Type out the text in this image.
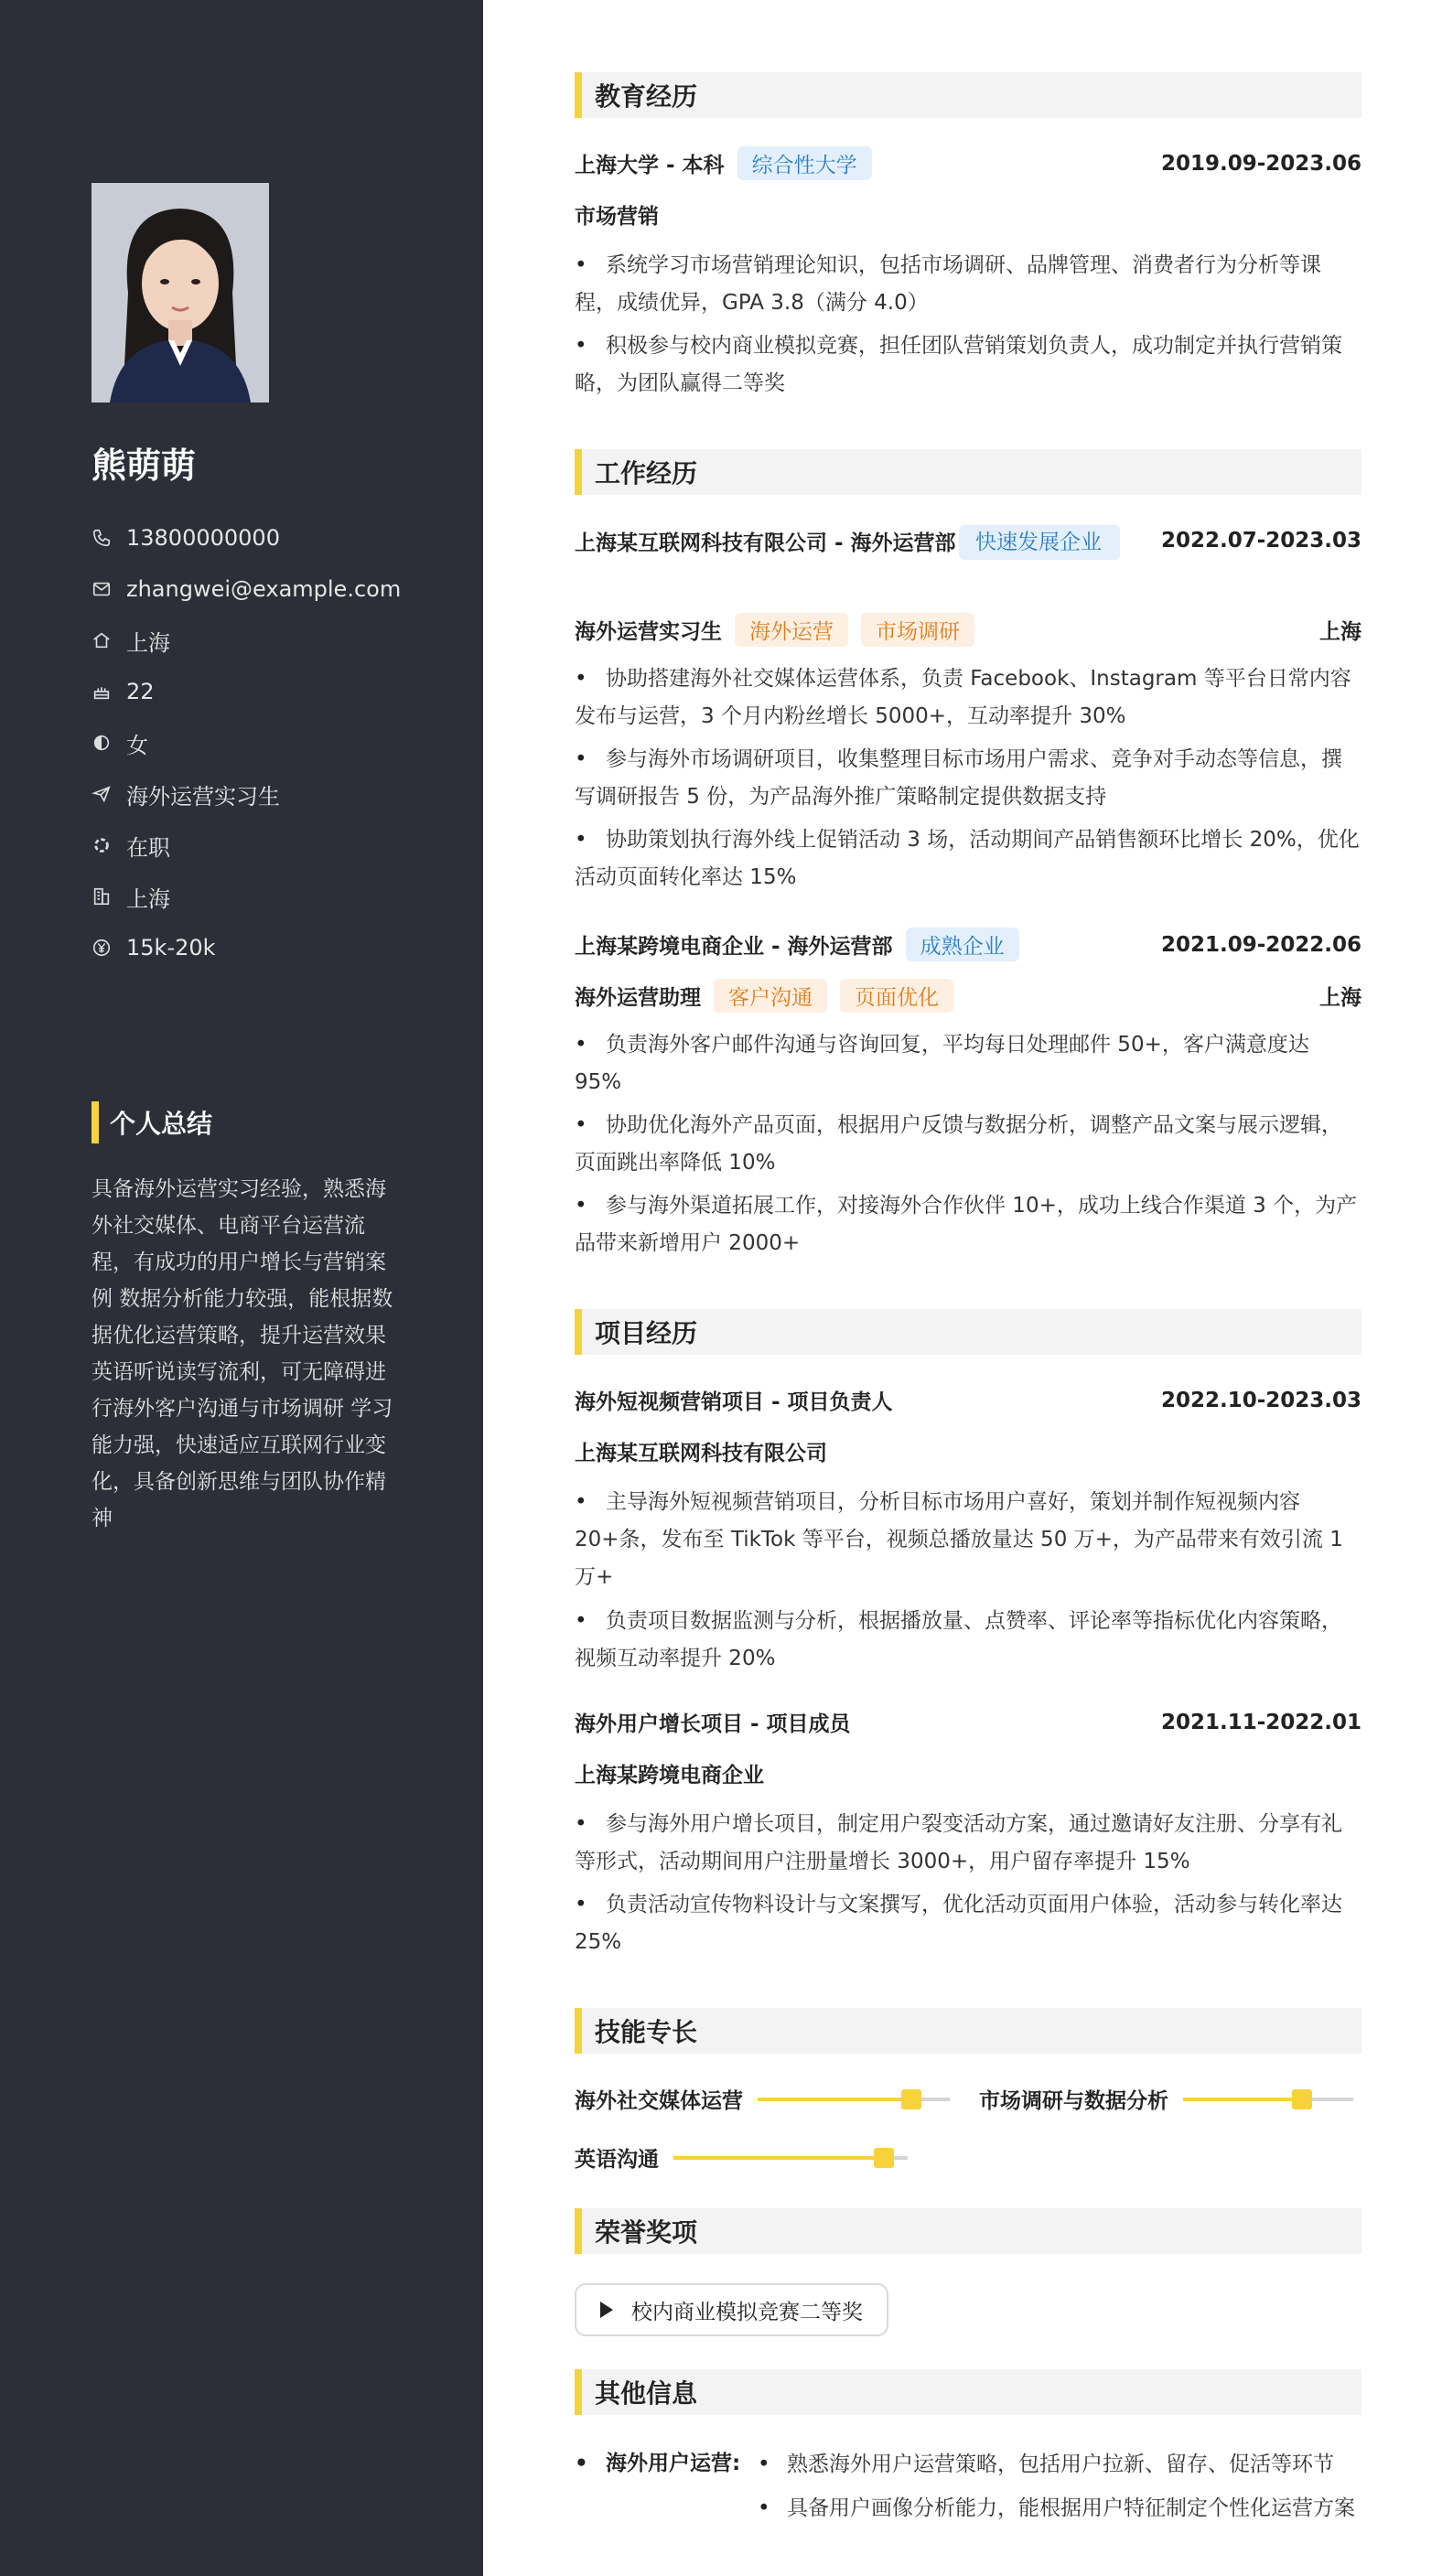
熊萌萌
13800000000
zhangwei@example.com
上海
22
女
海外运营实习生
在职
上海
15k-20k
个人总结
具备海外运营实习经验，熟悉海外社交媒体、电商平台运营流程，有成功的用户增长与营销案例 数据分析能力较强，能根据数据优化运营策略，提升运营效果 英语听说读写流利，可无障碍进行海外客户沟通与市场调研 学习能力强，快速适应互联网行业变化，具备创新思维与团队协作精神
教育经历
上海大学 - 本科 综合性大学	2019.09-2023.06
市场营销
• 系统学习市场营销理论知识，包括市场调研、品牌管理、消费者行为分析等课程，成绩优异，GPA 3.8（满分 4.0）
• 积极参与校内商业模拟竞赛，担任团队营销策划负责人，成功制定并执行营销策略，为团队赢得二等奖
工作经历
上海某互联网科技有限公司 - 海外运营部 快速发展企业	2022.07-2023.03
海外运营实习生 海外运营 市场调研	上海
• 协助搭建海外社交媒体运营体系，负责 Facebook、Instagram 等平台日常内容发布与运营，3 个月内粉丝增长 5000+，互动率提升 30%
• 参与海外市场调研项目，收集整理目标市场用户需求、竞争对手动态等信息，撰写调研报告 5 份，为产品海外推广策略制定提供数据支持
• 协助策划执行海外线上促销活动 3 场，活动期间产品销售额环比增长 20%，优化活动页面转化率达 15%
上海某跨境电商企业 - 海外运营部 成熟企业	2021.09-2022.06
海外运营助理 客户沟通 页面优化	上海
• 负责海外客户邮件沟通与咨询回复，平均每日处理邮件 50+，客户满意度达 95%
• 协助优化海外产品页面，根据用户反馈与数据分析，调整产品文案与展示逻辑，页面跳出率降低 10%
• 参与海外渠道拓展工作，对接海外合作伙伴 10+，成功上线合作渠道 3 个，为产品带来新增用户 2000+
项目经历
海外短视频营销项目 - 项目负责人	2022.10-2023.03
上海某互联网科技有限公司
• 主导海外短视频营销项目，分析目标市场用户喜好，策划并制作短视频内容 20+条，发布至 TikTok 等平台，视频总播放量达 50 万+，为产品带来有效引流 1 万+
• 负责项目数据监测与分析，根据播放量、点赞率、评论率等指标优化内容策略，视频互动率提升 20%
海外用户增长项目 - 项目成员	2021.11-2022.01
上海某跨境电商企业
• 参与海外用户增长项目，制定用户裂变活动方案，通过邀请好友注册、分享有礼等形式，活动期间用户注册量增长 3000+，用户留存率提升 15%
• 负责活动宣传物料设计与文案撰写，优化活动页面用户体验，活动参与转化率达 25%
技能专长
海外社交媒体运营	市场调研与数据分析
英语沟通
荣誉奖项
校内商业模拟竞赛二等奖
其他信息
• 海外用户运营:
•	熟悉海外用户运营策略，包括用户拉新、留存、促活等环节
• 具备用户画像分析能力，能根据用户特征制定个性化运营方案
